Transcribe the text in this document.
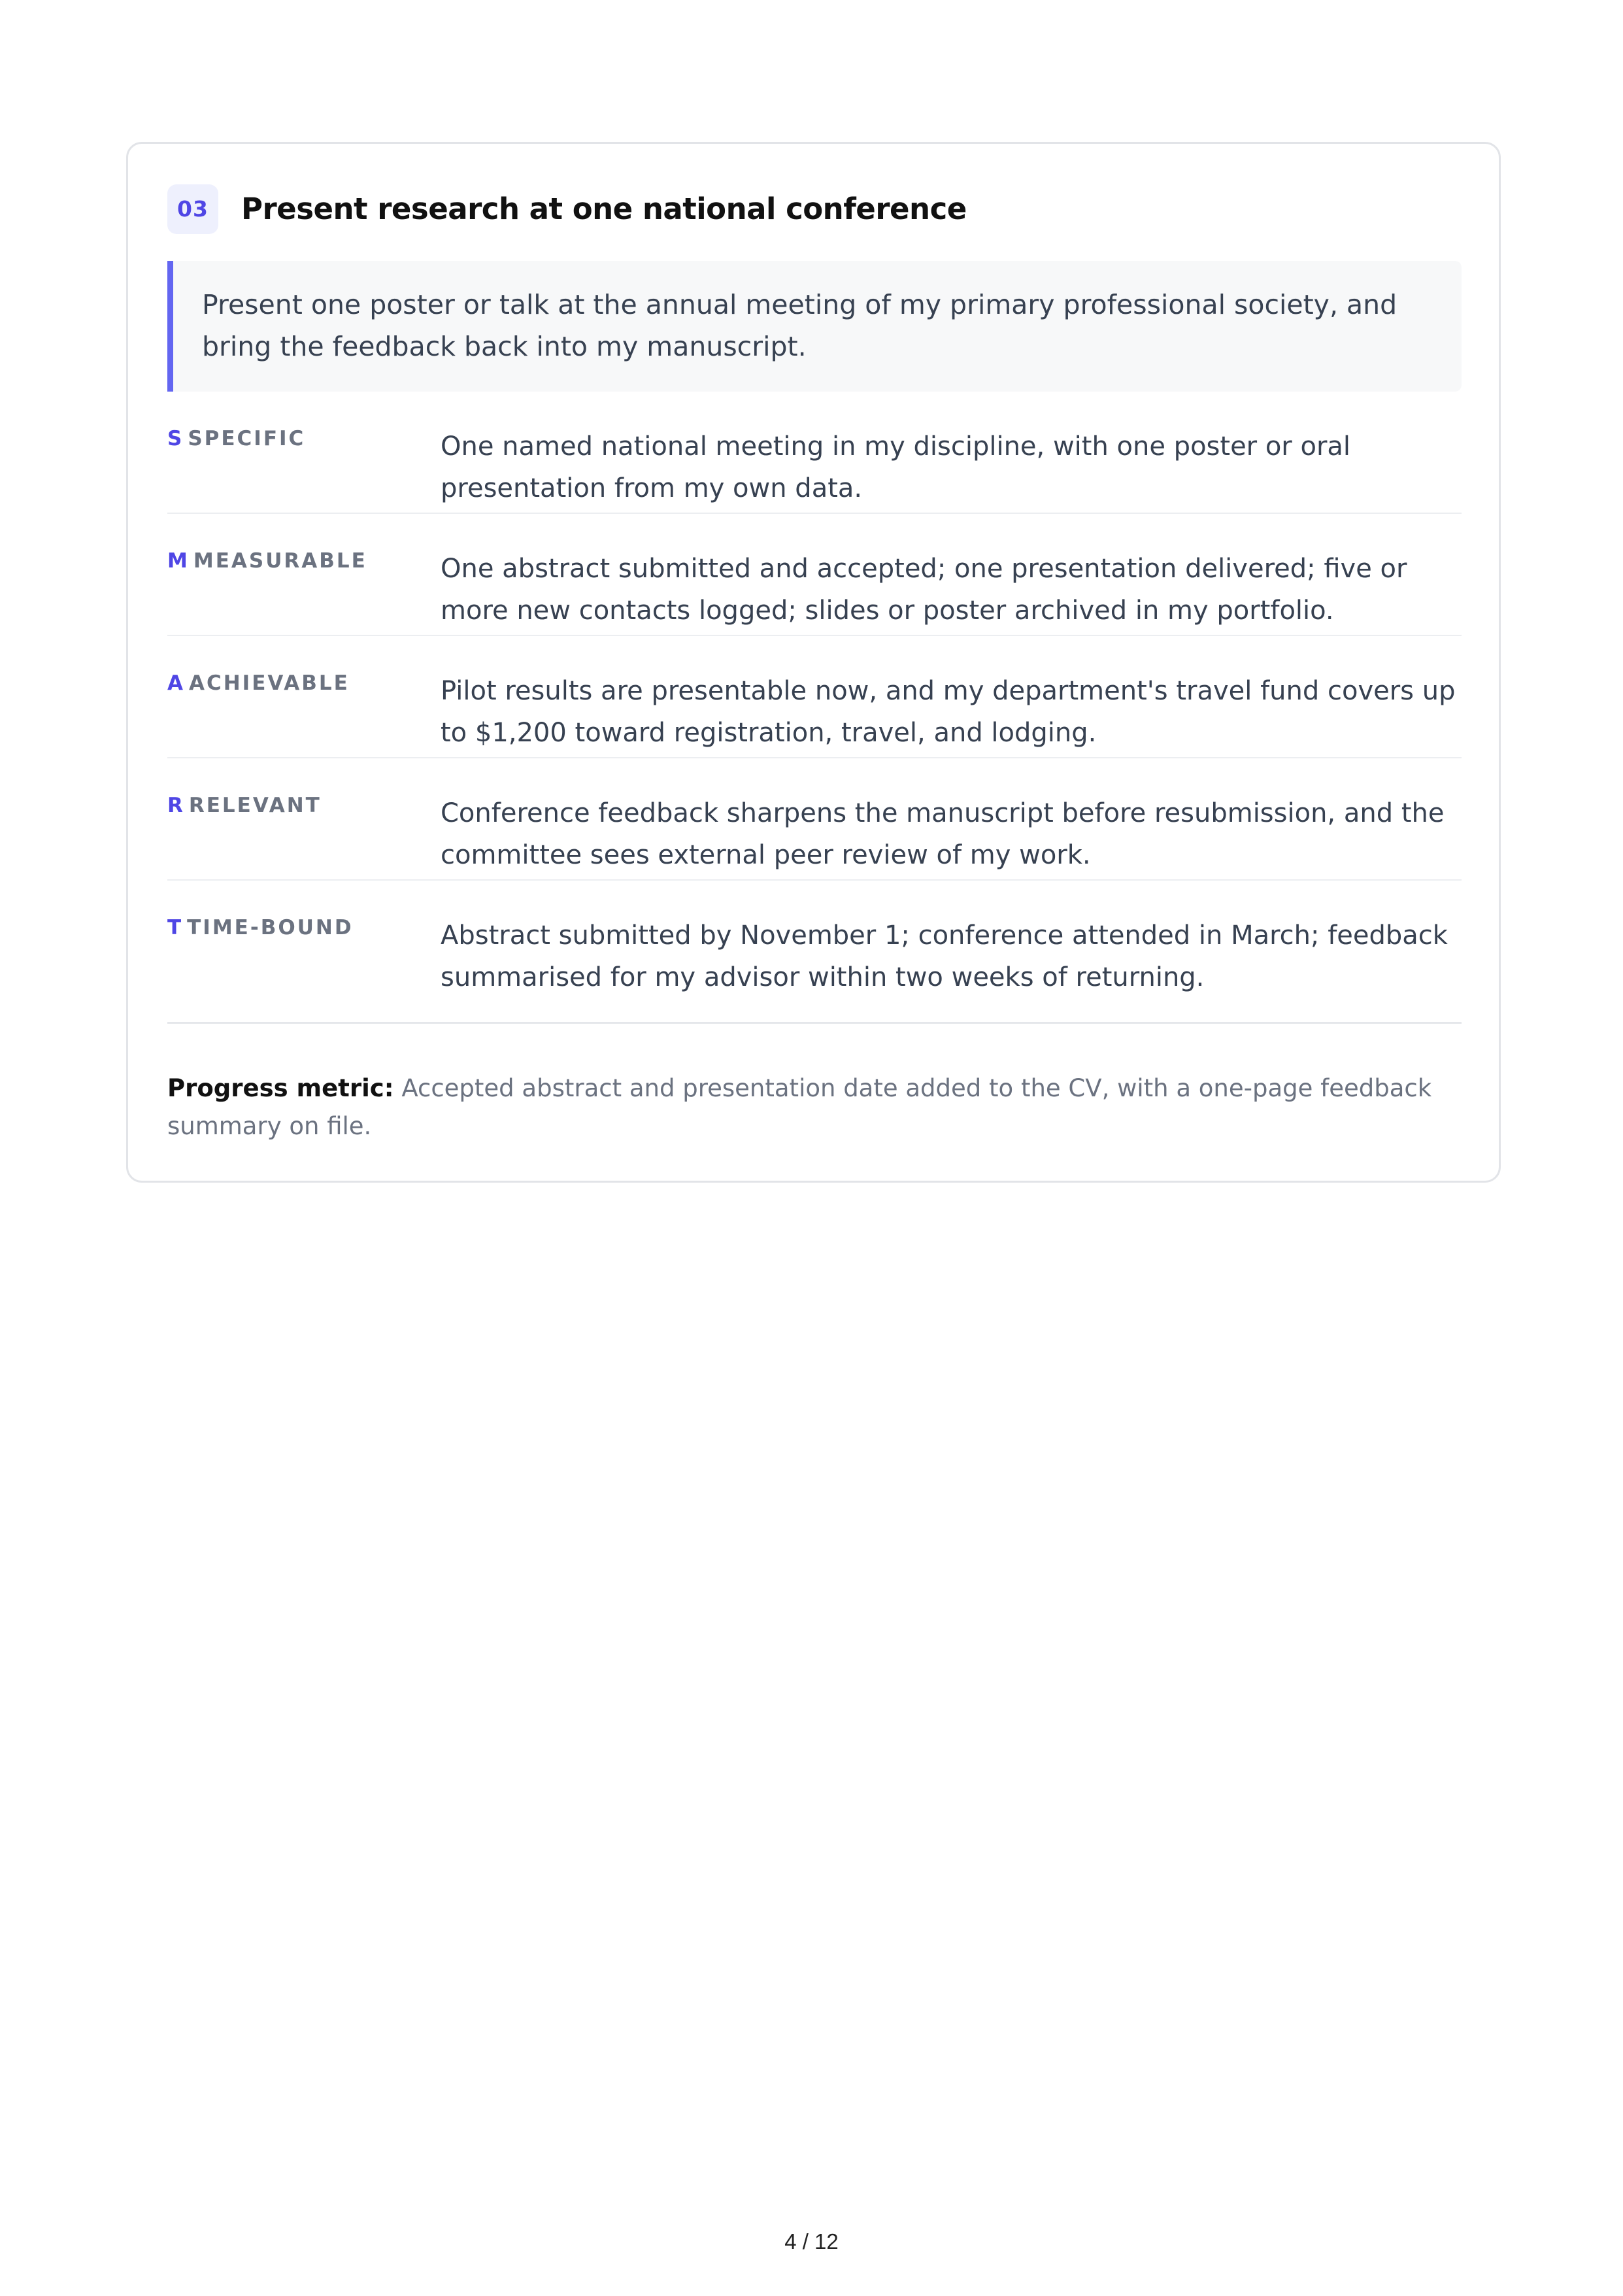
03	Present research at one national conference
Present one poster or talk at the annual meeting of my primary professional society, and bring the feedback back into my manuscript.
S SPECIFIC	One named national meeting in my discipline, with one poster or oral presentation from my own data.
M MEASURABLE	One abstract submitted and accepted; one presentation delivered; five or more new contacts logged; slides or poster archived in my portfolio.
A ACHIEVABLE	Pilot results are presentable now, and my department's travel fund covers up to $1,200 toward registration, travel, and lodging.
R RELEVANT	Conference feedback sharpens the manuscript before resubmission, and the committee sees external peer review of my work.
T TIME-BOUND	Abstract submitted by November 1; conference attended in March; feedback summarised for my advisor within two weeks of returning.
Progress metric: Accepted abstract and presentation date added to the CV, with a one-page feedback summary on file.
4 / 12
